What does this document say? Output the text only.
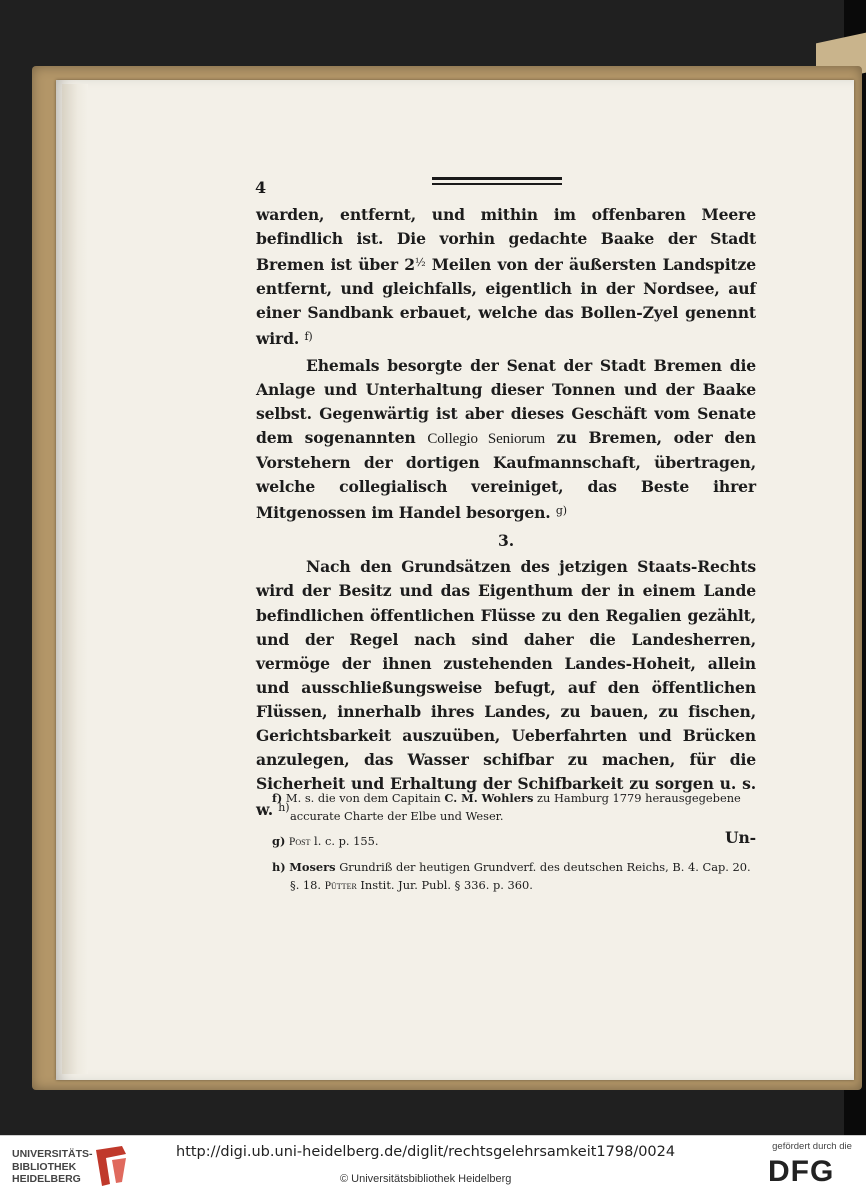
4

warden, entfernt, und mithin im offenbaren Meere befindlich ist. Die vorhin gedachte Baake der Stadt Bremen ist über $2^{\frac{1}{2}}$ Meilen von der äußersten Landspitze entfernt, und gleichfalls, eigentlich in der Nordsee, auf einer Sandbank erbauet, welche das Bollen-Zyel genennt wird. $^{f)}$

Ehemals besorgte der Senat der Stadt Bremen die Anlage und Unterhaltung dieser Tonnen und der Baake selbst. Gegenwärtig ist aber dieses Geschäft vom Senate dem sogenannten Collegio Seniorum zu Bremen, oder den Vorstehern der dortigen Kaufmannschaft, übertragen, welche collegialisch vereiniget, das Beste ihrer Mitgenossen im Handel besorgen. $^{g)}$

3.

Nach den Grundsätzen des jetzigen Staats-Rechts wird der Besitz und das Eigenthum der in einem Lande befindlichen öffentlichen Flüsse zu den Regalien gezählt, und der Regel nach sind daher die Landesherren, vermöge der ihnen zustehenden Landes-Hoheit, allein und ausschließungsweise befugt, auf den öffentlichen Flüssen, innerhalb ihres Landes, zu bauen, zu fischen, Gerichtsbarkeit auszuüben, Ueberfahrten und Brücken anzulegen, das Wasser schifbar zu machen, für die Sicherheit und Erhaltung der Schifbarkeit zu sorgen u. s. w. $^{h)}$

Un-
f) M. s. die von dem Capitain C. M. Wohlers zu Hamburg 1779 herausgegebene accurate Charte der Elbe und Weser.
g) Post l. c. p. 155.
h) Mosers Grundriß der heutigen Grundverf. des deutschen Reichs, B. 4. Cap. 20. §. 18. Pütter Instit. Jur. Publ. § 336. p. 360.
UNIVERSITÄTS-
BIBLIOTHEK
HEIDELBERG
http://digi.ub.uni-heidelberg.de/diglit/rechtsgelehrsamkeit1798/0024
© Universitätsbibliothek Heidelberg
gefördert durch die
DFG
